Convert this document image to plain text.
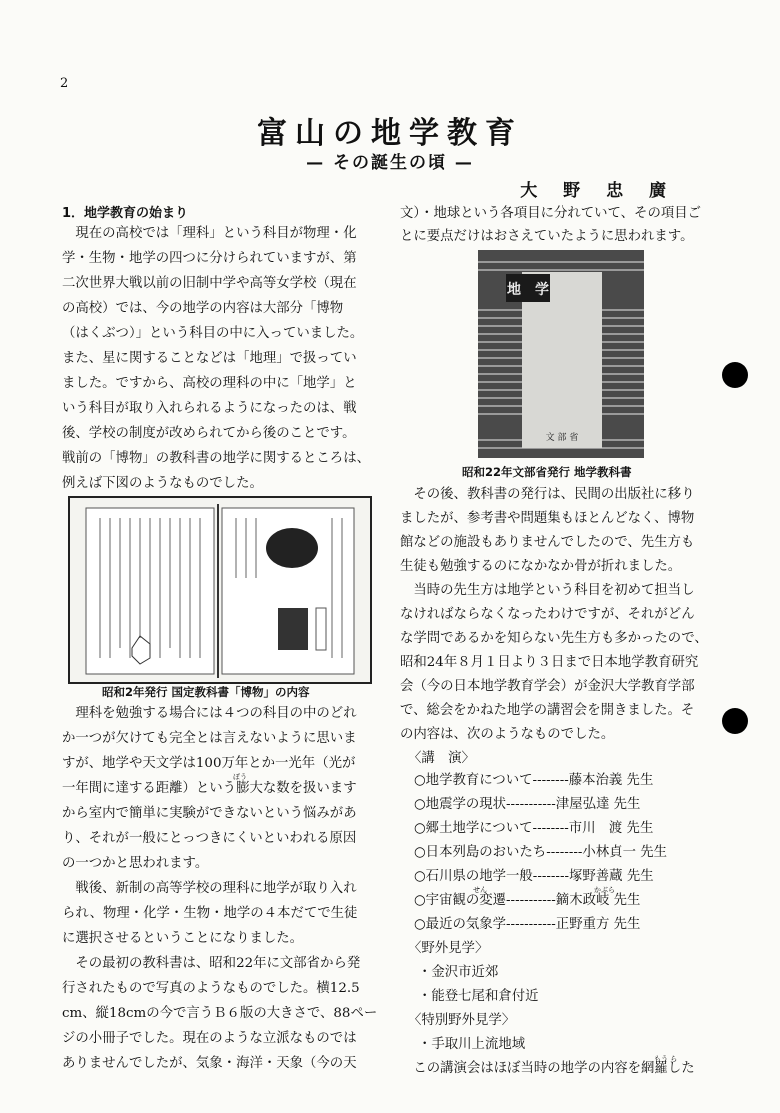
2
富山の地学教育
— その誕生の頃 —
大 野 忠 廣
1．地学教育の始まり
　現在の高校では「理科」という科目が物理・化
学・生物・地学の四つに分けられていますが、第
二次世界大戦以前の旧制中学や高等女学校（現在
の高校）では、今の地学の内容は大部分「博物
（はくぶつ）」という科目の中に入っていました。
また、星に関することなどは「地理」で扱ってい
ました。ですから、高校の理科の中に「地学」と
いう科目が取り入れられるようになったのは、戦
後、学校の制度が改められてから後のことです。
戦前の「博物」の教科書の地学に関するところは、
例えば下図のようなものでした。
昭和2年発行 国定教科書「博物」の内容
　理科を勉強する場合には４つの科目の中のどれ
か一つが欠けても完全とは言えないように思いま
すが、地学や天文学は100万年とか一光年（光が
ぼう
一年間に達する距離）という膨大な数を扱います
から室内で簡単に実験ができないという悩みがあ
り、それが一般にとっつきにくいといわれる原因
の一つかと思われます。
　戦後、新制の高等学校の理科に地学が取り入れ
られ、物理・化学・生物・地学の４本だてで生徒
に選択させるということになりました。
　その最初の教科書は、昭和22年に文部省から発
行されたもので写真のようなものでした。横12.5
cm、縦18cmの今で言うＢ６版の大きさで、88ペー
ジの小冊子でした。現在のような立派なものでは
ありませんでしたが、気象・海洋・天象（今の天
文）・地球という各項目に分れていて、その項目ご
とに要点だけはおさえていたように思われます。
地　学
文 部 省
昭和22年文部省発行 地学教科書
　その後、教科書の発行は、民間の出版社に移り
ましたが、参考書や問題集もほとんどなく、博物
館などの施設もありませんでしたので、先生方も
生徒も勉強するのになかなか骨が折れました。
　当時の先生方は地学という科目を初めて担当し
なければならなくなったわけですが、それがどん
な学問であるかを知らない先生方も多かったので、
昭和24年８月１日より３日まで日本地学教育研究
会（今の日本地学教育学会）が金沢大学教育学部
で、総会をかねた地学の講習会を開きました。そ
の内容は、次のようなものでした。
〈講　演〉
○地学教育について--------藤本治義 先生
○地震学の現状-----------津屋弘達 先生
○郷土地学について--------市川　渡 先生
○日本列島のおいたち--------小林貞一 先生
○石川県の地学一般--------塚野善蔵 先生
せん	かぶら
○宇宙観の変遷-----------鏑木政岐 先生
○最近の気象学-----------正野重方 先生
〈野外見学〉
・金沢市近郊
・能登七尾和倉付近
〈特別野外見学〉
・手取川上流地域
もう ら
　この講演会はほぼ当時の地学の内容を網羅した
